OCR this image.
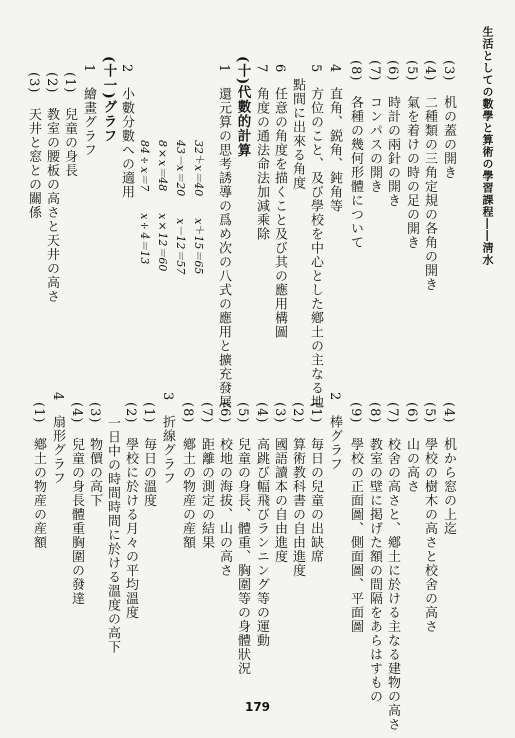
生活としての數學と算術の學習課程――淸水
(3)　机の蓋の開き
(4)　二種類の三角定規の各角の開き
(5)　氣を着けの時の足の開き
(6)　時計の兩針の開き
(7)　コンパスの開き
(8)　各種の幾何形體について
4　直角、鋭角、鈍角等
5　方位のこと、及び學校を中心とした鄕土の主なる地
　點間に出來る角度
6　任意の角度を描くこと及び其の應用構圖
7　角度の通法命法加減乘除
(十)代數的計算
1　還元算の思考誘導の爲め次の八式の應用と擴充發展
32＋x＝40　　x＋15＝65
43－x＝20　　x－12＝57
8×x＝48　　x×12＝60
84÷x＝7　　x÷4＝13
2　小數分數への適用
(十一)グラフ
1　繪畫グラフ
(1)　兒童の身長
(2)　教室の腰板の高さと天井の高さ
(3)　天井と窓との關係
(4)　机から窓の上迄
(5)　學校の樹木の高さと校舍の高さ
(6)　山の高さ
(7)　校舍の高さと、鄕土に於ける主なる建物の高さ
(8)　教室の壁に掲げた額の間隔をあらはすもの
(9)　學校の正面圖、側面圖、平面圖
2　棒グラフ
(1)　毎日の兒童の出缺席
(2)　算術教科書の自由進度
(3)　國語讀本の自由進度
(4)　高跳び幅飛びランニング等の運動
(5)　兒童の身長、體重、胸圍等の身體狀況
(6)　校地の海拔、山の高さ
(7)　距離の測定の結果
(8)　鄕土の物産の産額
3　折線グラフ
(1)　毎日の溫度
(2)　學校に於ける月々の平均溫度
　一日中の時間時間に於ける溫度の高下
(3)　物價の高下
(4)　兒童の身長體重胸圍の發達
4　扇形グラフ
(1)　鄕土の物産の産額
179
